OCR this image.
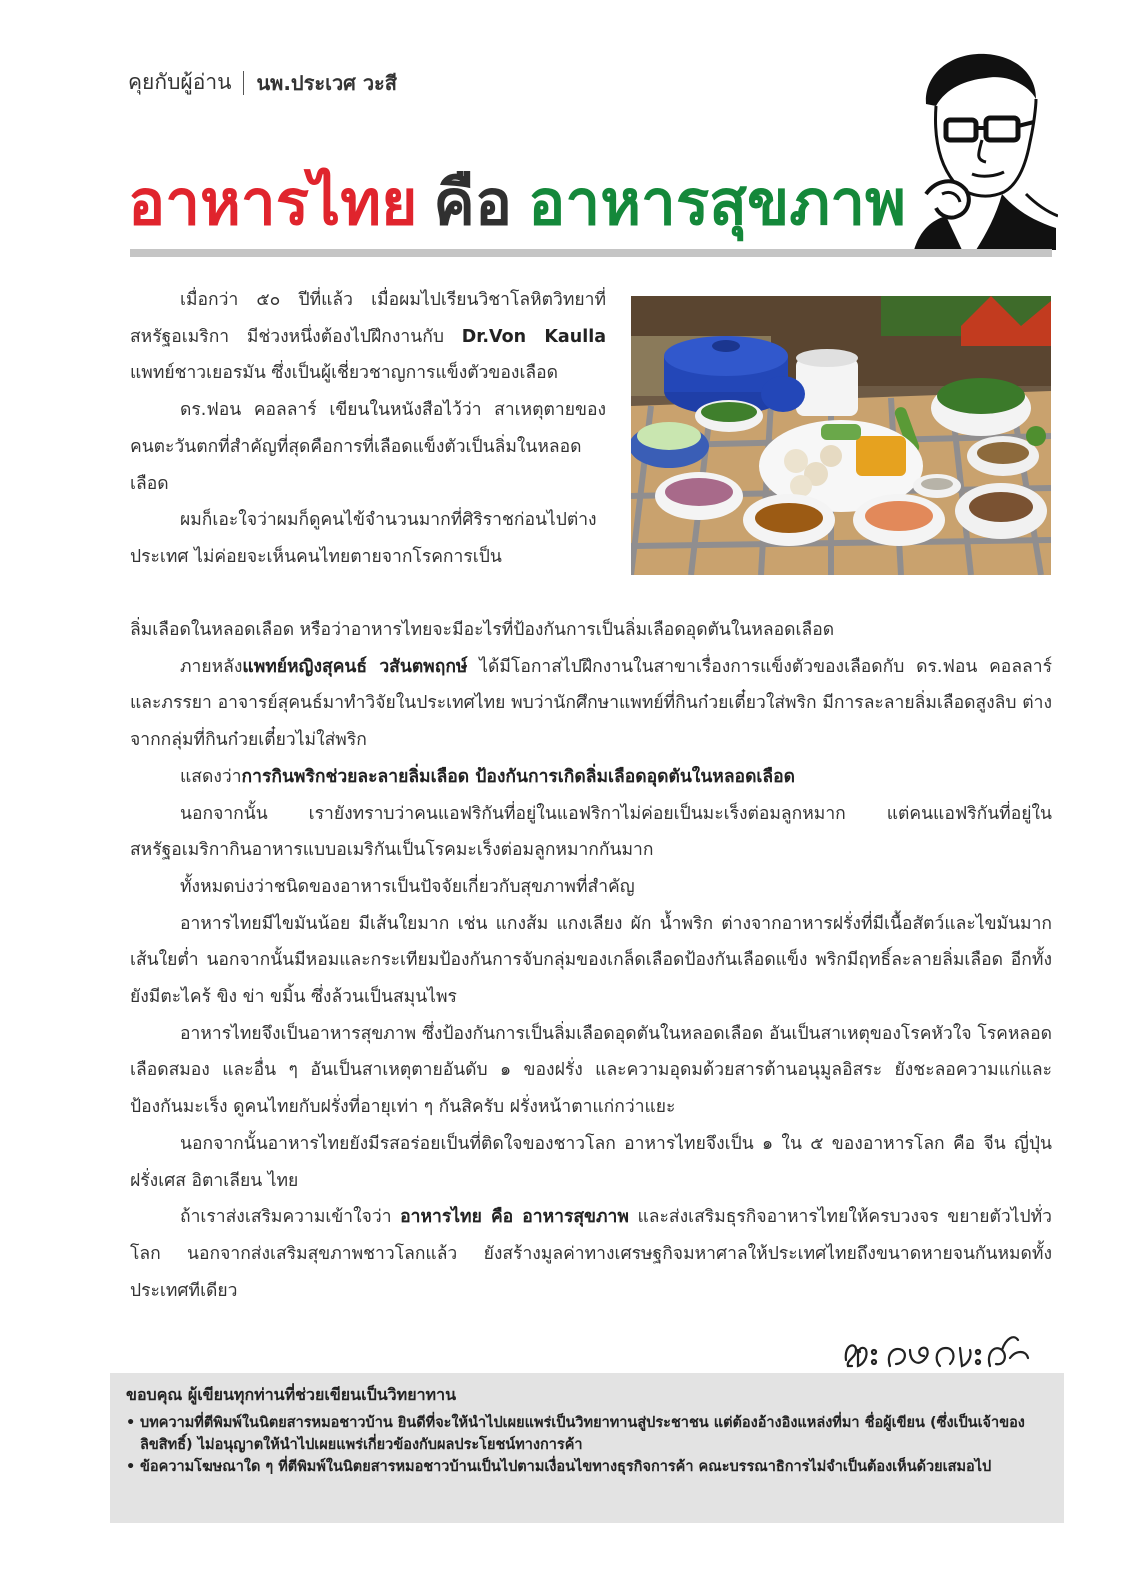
คุยกับผู้อ่าน นพ.ประเวศ วะสี
อาหารไทย คือ อาหารสุขภาพ

เมื่อกว่า ๕๐ ปีที่แล้ว เมื่อผมไปเรียนวิชาโลหิตวิทยาที่สหรัฐอเมริกา มีช่วงหนึ่งต้องไปฝึกงานกับ Dr.Von Kaulla แพทย์ชาวเยอรมัน ซึ่งเป็นผู้เชี่ยวชาญการแข็งตัวของเลือด

ดร.ฟอน คอลลาร์ เขียนในหนังสือไว้ว่า สาเหตุตายของคนตะวันตกที่สำคัญที่สุดคือการที่เลือดแข็งตัวเป็นลิ่มในหลอดเลือด

ผมก็เอะใจว่าผมก็ดูคนไข้จำนวนมากที่ศิริราชก่อนไปต่างประเทศ ไม่ค่อยจะเห็นคนไทยตายจากโรคการเป็น

ลิ่มเลือดในหลอดเลือด หรือว่าอาหารไทยจะมีอะไรที่ป้องกันการเป็นลิ่มเลือดอุดตันในหลอดเลือด

ภายหลังแพทย์หญิงสุคนธ์ วสันตพฤกษ์ ได้มีโอกาสไปฝึกงานในสาขาเรื่องการแข็งตัวของเลือดกับ ดร.ฟอน คอลลาร์ และภรรยา อาจารย์สุคนธ์มาทำวิจัยในประเทศไทย พบว่านักศึกษาแพทย์ที่กินก๋วยเตี๋ยวใส่พริก มีการละลายลิ่มเลือดสูงลิบ ต่างจากกลุ่มที่กินก๋วยเตี๋ยวไม่ใส่พริก

แสดงว่าการกินพริกช่วยละลายลิ่มเลือด ป้องกันการเกิดลิ่มเลือดอุดตันในหลอดเลือด

นอกจากนั้น เรายังทราบว่าคนแอฟริกันที่อยู่ในแอฟริกาไม่ค่อยเป็นมะเร็งต่อมลูกหมาก แต่คนแอฟริกันที่อยู่ในสหรัฐอเมริกากินอาหารแบบอเมริกันเป็นโรคมะเร็งต่อมลูกหมากกันมาก

ทั้งหมดบ่งว่าชนิดของอาหารเป็นปัจจัยเกี่ยวกับสุขภาพที่สำคัญ

อาหารไทยมีไขมันน้อย มีเส้นใยมาก เช่น แกงส้ม แกงเลียง ผัก น้ำพริก ต่างจากอาหารฝรั่งที่มีเนื้อสัตว์และไขมันมาก เส้นใยต่ำ นอกจากนั้นมีหอมและกระเทียมป้องกันการจับกลุ่มของเกล็ดเลือดป้องกันเลือดแข็ง พริกมีฤทธิ์ละลายลิ่มเลือด อีกทั้งยังมีตะไคร้ ขิง ข่า ขมิ้น ซึ่งล้วนเป็นสมุนไพร

อาหารไทยจึงเป็นอาหารสุขภาพ ซึ่งป้องกันการเป็นลิ่มเลือดอุดตันในหลอดเลือด อันเป็นสาเหตุของโรคหัวใจ โรคหลอดเลือดสมอง และอื่น ๆ อันเป็นสาเหตุตายอันดับ ๑ ของฝรั่ง และความอุดมด้วยสารต้านอนุมูลอิสระ ยังชะลอความแก่และป้องกันมะเร็ง ดูคนไทยกับฝรั่งที่อายุเท่า ๆ กันสิครับ ฝรั่งหน้าตาแก่กว่าแยะ

นอกจากนั้นอาหารไทยยังมีรสอร่อยเป็นที่ติดใจของชาวโลก อาหารไทยจึงเป็น ๑ ใน ๕ ของอาหารโลก คือ จีน ญี่ปุ่น ฝรั่งเศส อิตาเลียน ไทย

ถ้าเราส่งเสริมความเข้าใจว่า อาหารไทย คือ อาหารสุขภาพ และส่งเสริมธุรกิจอาหารไทยให้ครบวงจร ขยายตัวไปทั่วโลก นอกจากส่งเสริมสุขภาพชาวโลกแล้ว ยังสร้างมูลค่าทางเศรษฐกิจมหาศาลให้ประเทศไทยถึงขนาดหายจนกันหมดทั้งประเทศทีเดียว

ขอบคุณ ผู้เขียนทุกท่านที่ช่วยเขียนเป็นวิทยาทาน
• บทความที่ตีพิมพ์ในนิตยสารหมอชาวบ้าน ยินดีที่จะให้นำไปเผยแพร่เป็นวิทยาทานสู่ประชาชน แต่ต้องอ้างอิงแหล่งที่มา ชื่อผู้เขียน (ซึ่งเป็นเจ้าของลิขสิทธิ์) ไม่อนุญาตให้นำไปเผยแพร่เกี่ยวข้องกับผลประโยชน์ทางการค้า
• ข้อความโฆษณาใด ๆ ที่ตีพิมพ์ในนิตยสารหมอชาวบ้านเป็นไปตามเงื่อนไขทางธุรกิจการค้า คณะบรรณาธิการไม่จำเป็นต้องเห็นด้วยเสมอไป
